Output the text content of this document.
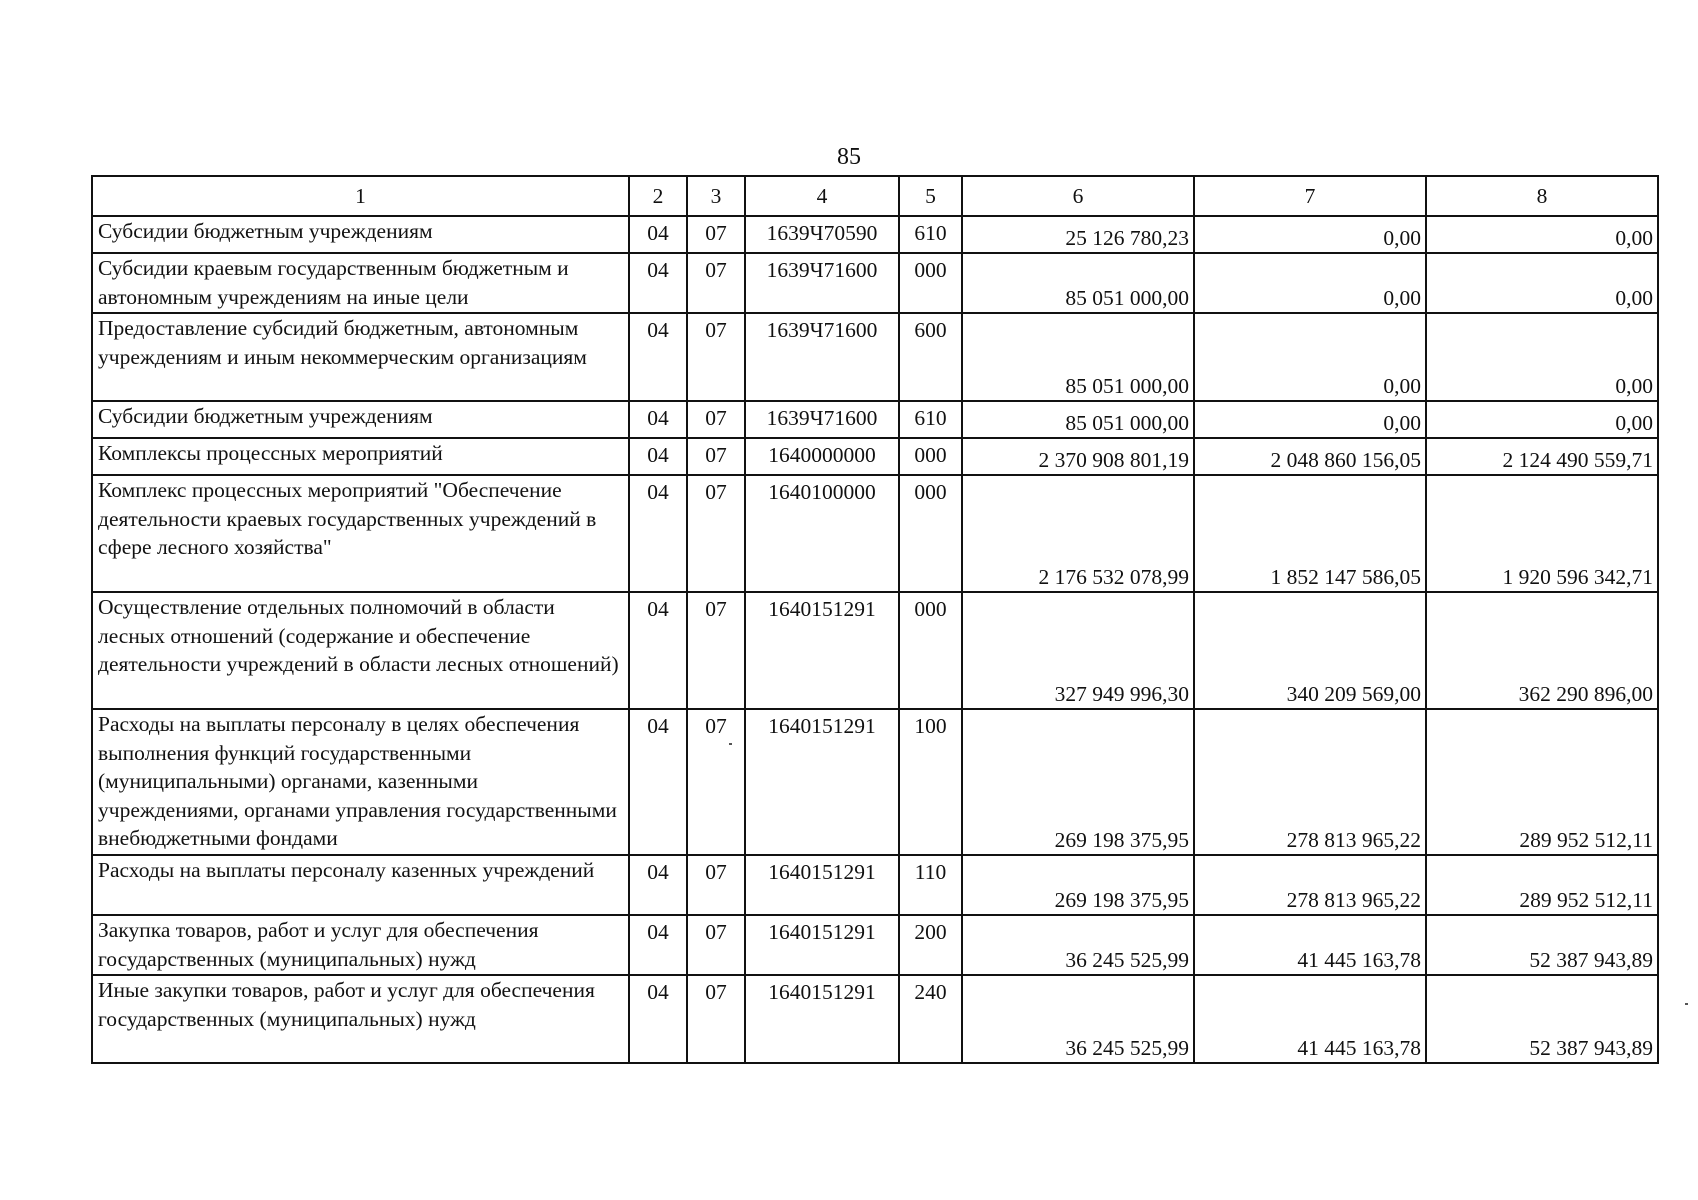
85
1	2	3	4	5	6	7	8
Субсидии бюджетным учреждениям	04	07	1639Ч70590	610	25 126 780,23	0,00	0,00
Субсидии краевым государственным бюджетным и автономным учреждениям на иные цели	04	07	1639Ч71600	000	85 051 000,00	0,00	0,00
Предоставление субсидий бюджетным, автономным учреждениям и иным некоммерческим организациям	04	07	1639Ч71600	600	85 051 000,00	0,00	0,00
Субсидии бюджетным учреждениям	04	07	1639Ч71600	610	85 051 000,00	0,00	0,00
Комплексы процессных мероприятий	04	07	1640000000	000	2 370 908 801,19	2 048 860 156,05	2 124 490 559,71
Комплекс процессных мероприятий "Обеспечение деятельности краевых государственных учреждений в сфере лесного хозяйства"	04	07	1640100000	000	2 176 532 078,99	1 852 147 586,05	1 920 596 342,71
Осуществление отдельных полномочий в области лесных отношений (содержание и обеспечение деятельности учреждений в области лесных отношений)	04	07	1640151291	000	327 949 996,30	340 209 569,00	362 290 896,00
Расходы на выплаты персоналу в целях обеспечения выполнения функций государственными (муниципальными) органами, казенными учреждениями, органами управления государственными внебюджетными фондами	04	07	1640151291	100	269 198 375,95	278 813 965,22	289 952 512,11
Расходы на выплаты персоналу казенных учреждений	04	07	1640151291	110	269 198 375,95	278 813 965,22	289 952 512,11
Закупка товаров, работ и услуг для обеспечения государственных (муниципальных) нужд	04	07	1640151291	200	36 245 525,99	41 445 163,78	52 387 943,89
Иные закупки товаров, работ и услуг для обеспечения государственных (муниципальных) нужд	04	07	1640151291	240	36 245 525,99	41 445 163,78	52 387 943,89
